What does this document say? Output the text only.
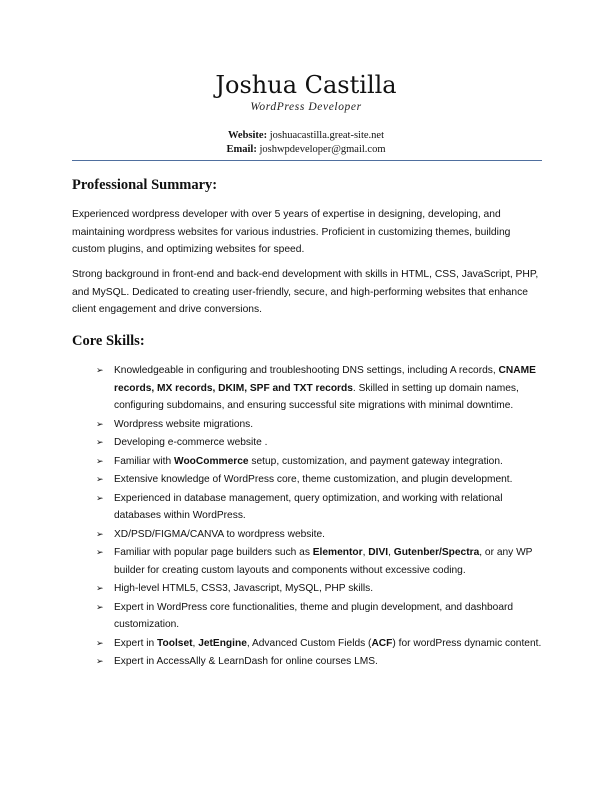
Joshua Castilla
WordPress Developer
Website: joshuacastilla.great-site.net
Email: joshwpdeveloper@gmail.com
Professional Summary:

Experienced wordpress developer with over 5 years of expertise in designing, developing, and maintaining wordpress websites for various industries. Proficient in customizing themes, building custom plugins, and optimizing websites for speed.

Strong background in front-end and back-end development with skills in HTML, CSS, JavaScript, PHP, and MySQL. Dedicated to creating user-friendly, secure, and high-performing websites that enhance client engagement and drive conversions.

Core Skills:
➢ Knowledgeable in configuring and troubleshooting DNS settings, including A records, CNAME records, MX records, DKIM, SPF and TXT records. Skilled in setting up domain names, configuring subdomains, and ensuring successful site migrations with minimal downtime.
➢ Wordpress website migrations.
➢ Developing e-commerce website .
➢ Familiar with WooCommerce setup, customization, and payment gateway integration.
➢ Extensive knowledge of WordPress core, theme customization, and plugin development.
➢ Experienced in database management, query optimization, and working with relational databases within WordPress.
➢ XD/PSD/FIGMA/CANVA to wordpress website.
➢ Familiar with popular page builders such as Elementor, DIVI, Gutenber/Spectra, or any WP builder for creating custom layouts and components without excessive coding.
➢ High-level HTML5, CSS3, Javascript, MySQL, PHP skills.
➢ Expert in WordPress core functionalities, theme and plugin development, and dashboard customization.
➢ Expert in Toolset, JetEngine, Advanced Custom Fields (ACF) for wordPress dynamic content.
➢ Expert in AccessAlly & LearnDash for online courses LMS.
